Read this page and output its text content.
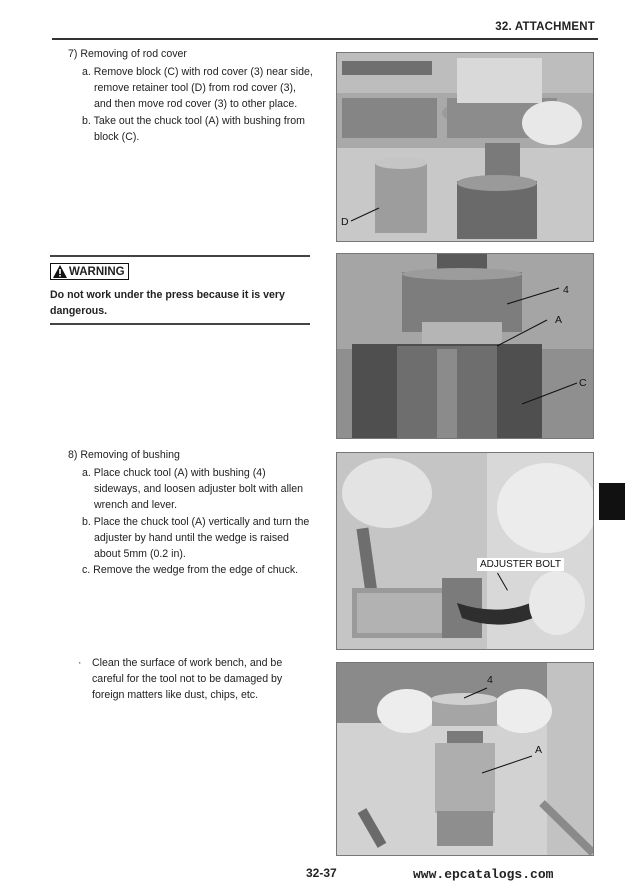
32. ATTACHMENT
7) Removing of rod cover
a. Remove block (C) with rod cover (3) near side,
remove retainer tool (D) from rod cover (3),
and then move rod cover (3) to other place.
b. Take out the chuck tool (A) with bushing from
block (C).
D
WARNING
Do not work under the press because it is very
dangerous.
4
A
C
8) Removing of bushing
a. Place chuck tool (A) with bushing (4)
sideways, and loosen adjuster bolt with allen
wrench and lever.
b. Place the chuck tool (A) vertically and turn the
adjuster by hand until the wedge is raised
about 5mm (0.2 in).
c. Remove the wedge from the edge of chuck.	ADJUSTER BOLT
· Clean the surface of work bench, and be
careful for the tool not to be damaged by
foreign matters like dust, chips, etc.
4
A
32-37	www.epcatalogs.com
